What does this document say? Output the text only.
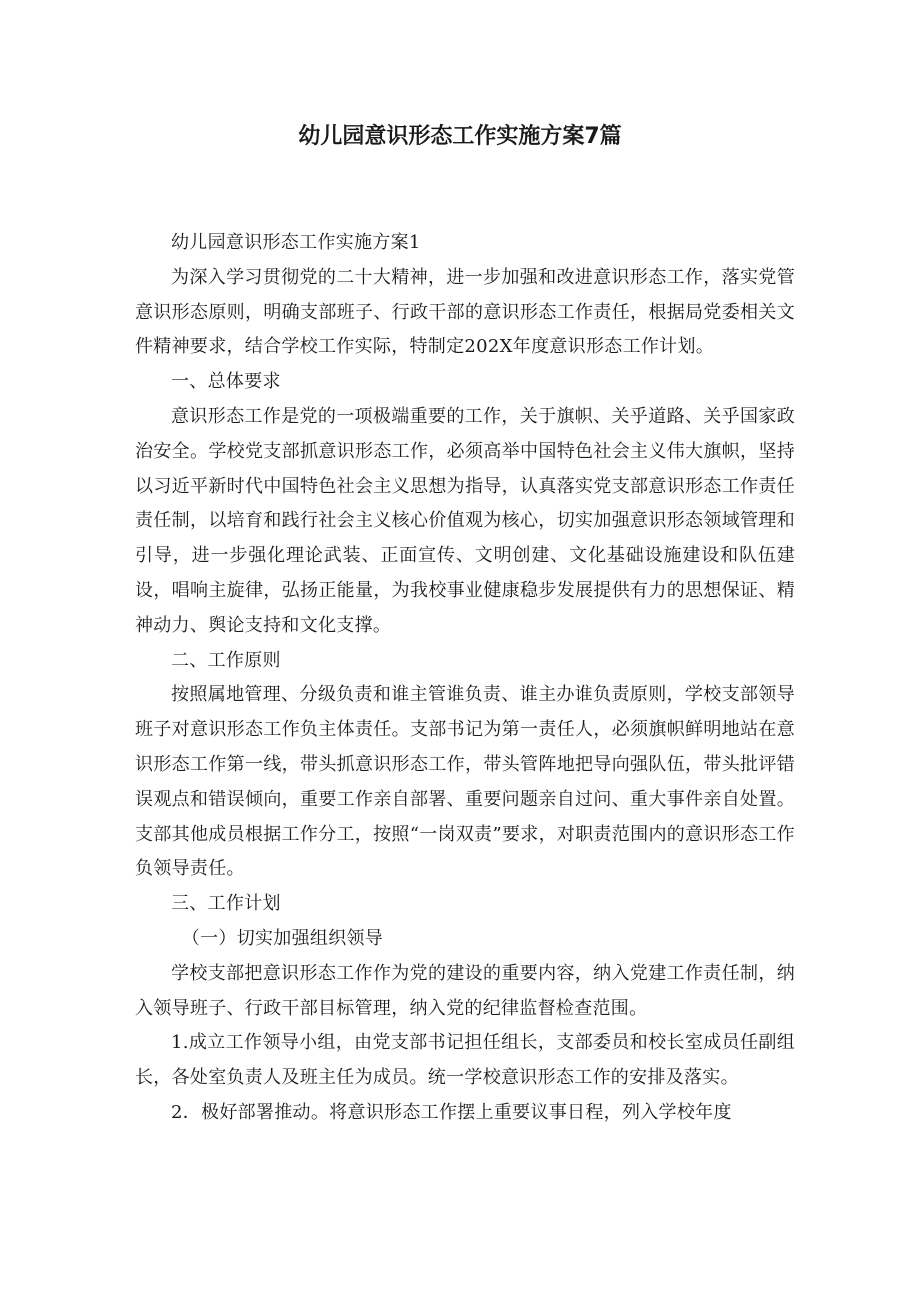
幼儿园意识形态工作实施方案7篇

幼儿园意识形态工作实施方案1

为深入学习贯彻党的二十大精神，进一步加强和改进意识形态工作，落实党管意识形态原则，明确支部班子、行政干部的意识形态工作责任，根据局党委相关文件精神要求，结合学校工作实际，特制定202X年度意识形态工作计划。

一、总体要求

意识形态工作是党的一项极端重要的工作，关于旗帜、关乎道路、关乎国家政治安全。学校党支部抓意识形态工作，必须高举中国特色社会主义伟大旗帜，坚持以习近平新时代中国特色社会主义思想为指导，认真落实党支部意识形态工作责任责任制，以培育和践行社会主义核心价值观为核心，切实加强意识形态领域管理和引导，进一步强化理论武装、正面宣传、文明创建、文化基础设施建设和队伍建设，唱响主旋律，弘扬正能量，为我校事业健康稳步发展提供有力的思想保证、精神动力、舆论支持和文化支撑。

二、工作原则

按照属地管理、分级负责和谁主管谁负责、谁主办谁负责原则，学校支部领导班子对意识形态工作负主体责任。支部书记为第一责任人，必须旗帜鲜明地站在意识形态工作第一线，带头抓意识形态工作，带头管阵地把导向强队伍，带头批评错误观点和错误倾向，重要工作亲自部署、重要问题亲自过问、重大事件亲自处置。支部其他成员根据工作分工，按照“一岗双责”要求，对职责范围内的意识形态工作负领导责任。

三、工作计划

（一）切实加强组织领导

学校支部把意识形态工作作为党的建设的重要内容，纳入党建工作责任制，纳入领导班子、行政干部目标管理，纳入党的纪律监督检查范围。

1.成立工作领导小组，由党支部书记担任组长，支部委员和校长室成员任副组长，各处室负责人及班主任为成员。统一学校意识形态工作的安排及落实。

2．极好部署推动。将意识形态工作摆上重要议事日程，列入学校年度
